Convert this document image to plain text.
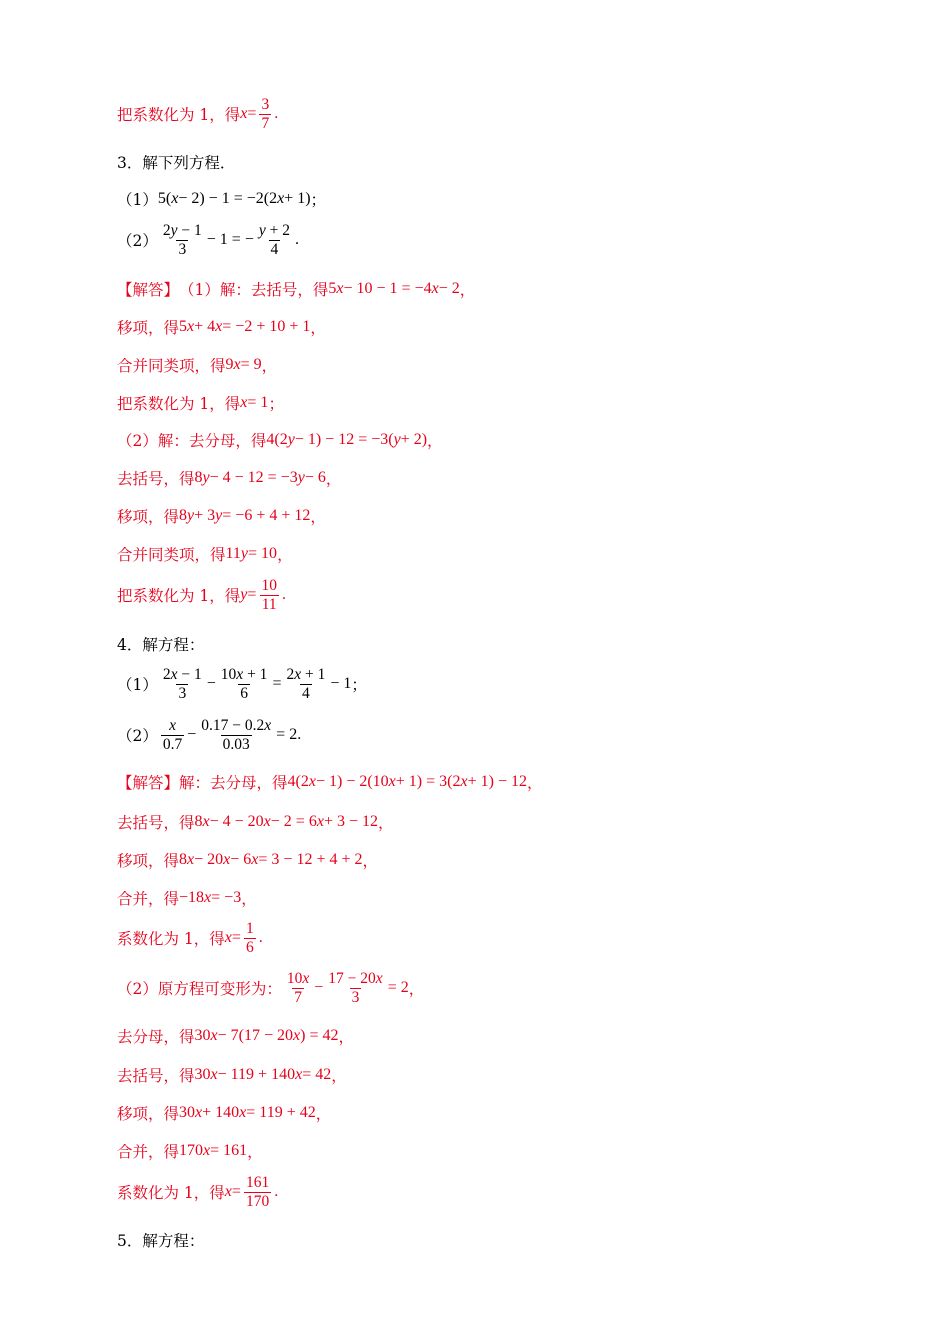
把系数化为 1，得 $x = \frac{3}{7}$ .
3．解下列方程．
（1） 5( x − 2) − 1 = −2(2 x + 1) ；
$(2) \frac{2y - 1}{3} - 1$ = − $\frac{y + 2}{4}$ .
【解答】 （1）解：去括号，得 5 x − 10 − 1 = −4 x − 2 ，
移项，得 5 x + 4 x = −2 + 10 + 1 ，
合并同类项，得 9 x = 9 ，
把系数化为 1，得 x = 1 ；
（2）解：去分母，得 4(2 y − 1) − 12 = −3( y + 2) ，
去括号，得 8 y − 4 − 12 = −3 y − 6 ，
移项，得 8 y + 3 y = −6 + 4 + 12 ，
合并同类项，得 11 y = 10 ，
把系数化为 1，得 $y = \frac{10}{11}$ .
4．解方程：
$(1) \frac{2x - 1}{3} - \frac{10x + 1}{6} = \frac{2x + 1}{4} - 1$ ；
$(2) \frac{x}{0.7} - \frac{0.17 - 0.2x}{0.03} = 2$ .
【解答】 解：去分母，得 4(2 x − 1) − 2(10 x + 1) = 3(2 x + 1) − 12 ，
去括号，得 8 x − 4 − 20 x − 2 = 6 x + 3 − 12 ，
移项，得 8 x − 20 x − 6 x = 3 − 12 + 4 + 2 ，
合并，得 −18 x = −3 ，
系数化为 1，得 $x = \frac{1}{6}$ .
（2）原方程可变形为： $\frac{10x}{7} - \frac{17 - 20x}{3} = 2$ ，
去分母，得 30 x − 7(17 − 20 x ) = 42 ，
去括号，得 30 x − 119 + 140 x = 42 ，
移项，得 30 x + 140 x = 119 + 42 ，
合并，得 170 x = 161 ，
系数化为 1，得 $x = \frac{161}{170}$ .
5．解方程：
